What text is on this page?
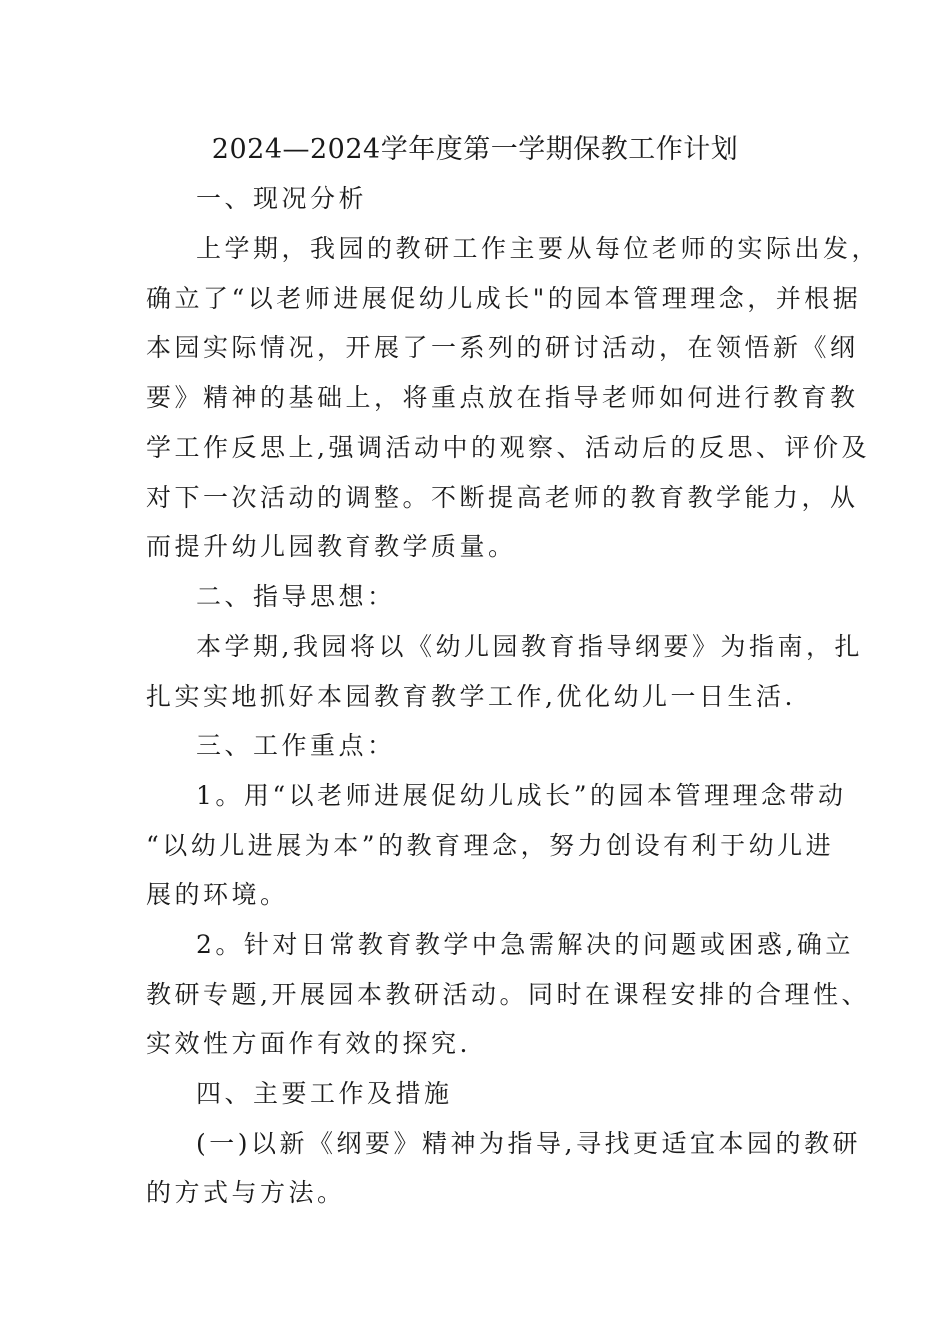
2024—2024学年度第一学期保教工作计划
一、现况分析
上学期，我园的教研工作主要从每位老师的实际出发，
确立了“以老师进展促幼儿成长"的园本管理理念，并根据
本园实际情况，开展了一系列的研讨活动，在领悟新《纲
要》精神的基础上，将重点放在指导老师如何进行教育教
学工作反思上,强调活动中的观察、活动后的反思、评价及
对下一次活动的调整。不断提高老师的教育教学能力，从
而提升幼儿园教育教学质量。
二、指导思想：
本学期,我园将以《幼儿园教育指导纲要》为指南，扎
扎实实地抓好本园教育教学工作,优化幼儿一日生活.
三、工作重点：
1。用“以老师进展促幼儿成长”的园本管理理念带动
“以幼儿进展为本”的教育理念，努力创设有利于幼儿进
展的环境。
2。针对日常教育教学中急需解决的问题或困惑,确立
教研专题,开展园本教研活动。同时在课程安排的合理性、
实效性方面作有效的探究.
四、主要工作及措施
(一)以新《纲要》精神为指导,寻找更适宜本园的教研
的方式与方法。
